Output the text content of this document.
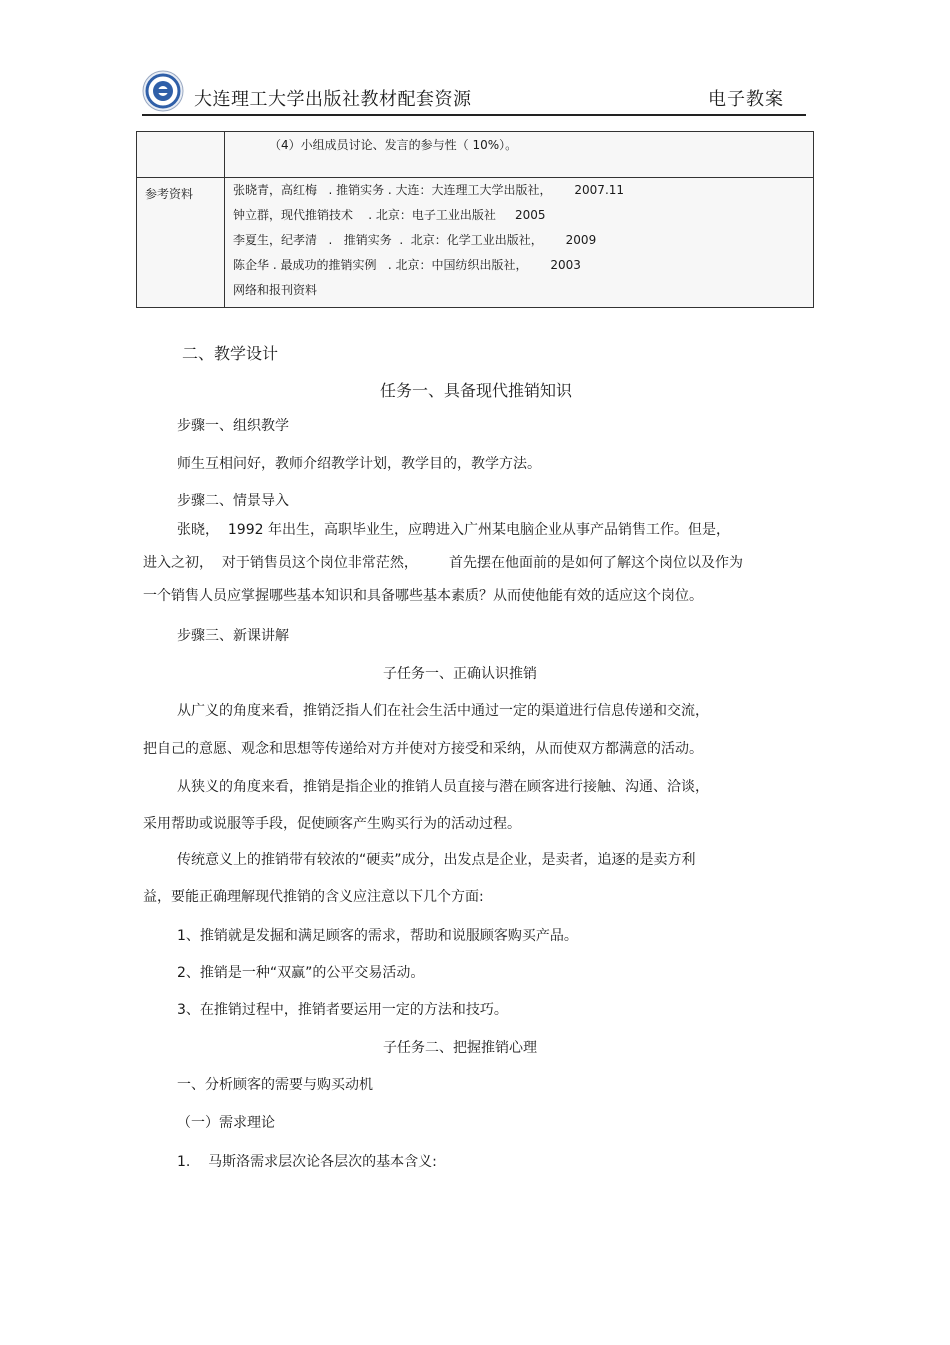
大连理工大学出版社教材配套资源	电子教案

	（4）小组成员讨论、发言的参与性（ 10%）。

参考资料	张晓青，高红梅   . 推销实务 . 大连：大连理工大学出版社，      2007.11
钟立群，现代推销技术    . 北京：电子工业出版社     2005
李夏生，纪孝清   .   推销实务  .  北京：化学工业出版社，      2009
陈企华 . 最成功的推销实例   . 北京：中国纺织出版社，      2003
网络和报刊资料
二、教学设计
任务一、具备现代推销知识
步骤一、组织教学
师生互相问好，教师介绍教学计划，教学目的，教学方法。
步骤二、情景导入
张晓，  1992 年出生，高职毕业生，应聘进入广州某电脑企业从事产品销售工作。但是，
进入之初，  对于销售员这个岗位非常茫然，       首先摆在他面前的是如何了解这个岗位以及作为
一个销售人员应掌握哪些基本知识和具备哪些基本素质？从而使他能有效的适应这个岗位。
步骤三、新课讲解
子任务一、正确认识推销
从广义的角度来看，推销泛指人们在社会生活中通过一定的渠道进行信息传递和交流，
把自己的意愿、观念和思想等传递给对方并使对方接受和采纳，从而使双方都满意的活动。
从狭义的角度来看，推销是指企业的推销人员直接与潜在顾客进行接触、沟通、洽谈，
采用帮助或说服等手段，促使顾客产生购买行为的活动过程。
传统意义上的推销带有较浓的“硬卖”成分，出发点是企业，是卖者，追逐的是卖方利
益，要能正确理解现代推销的含义应注意以下几个方面:
1、推销就是发掘和满足顾客的需求，帮助和说服顾客购买产品。
2、推销是一种“双赢”的公平交易活动。
3、在推销过程中，推销者要运用一定的方法和技巧。
子任务二、把握推销心理
一、分析顾客的需要与购买动机
（一）需求理论
1.    马斯洛需求层次论各层次的基本含义:
